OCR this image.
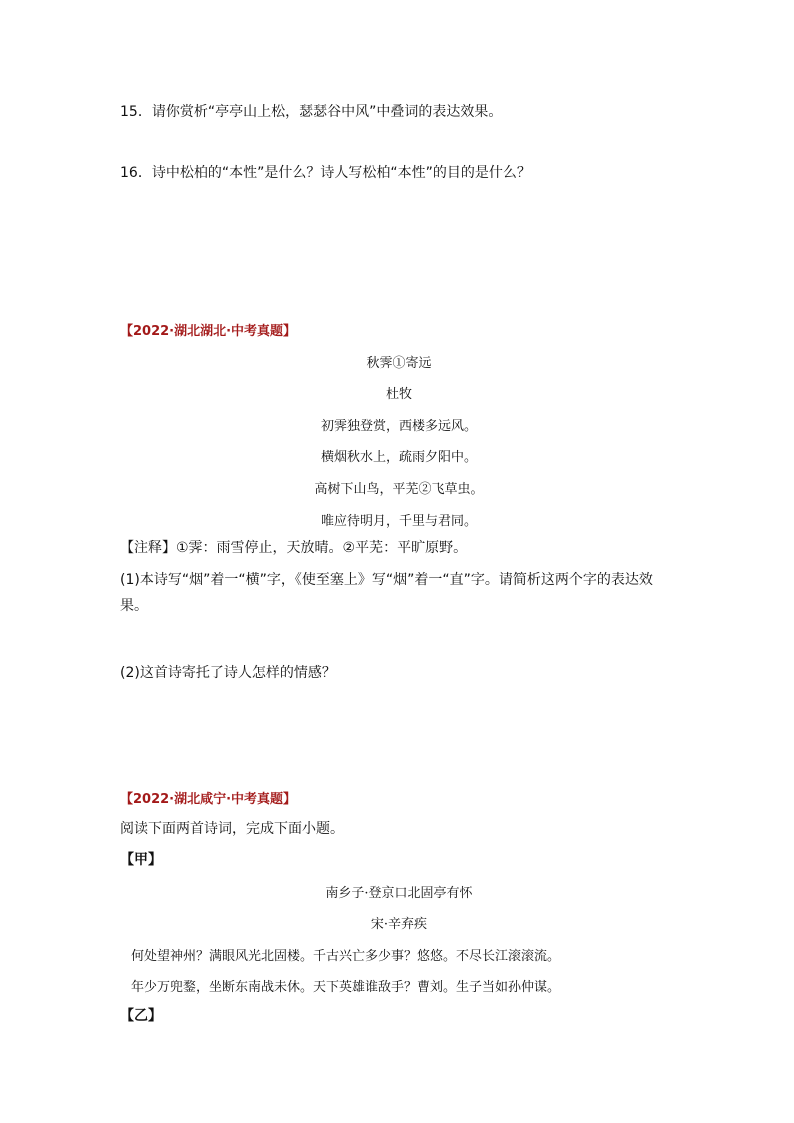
15．请你赏析“亭亭山上松，瑟瑟谷中风”中叠词的表达效果。
16．诗中松柏的“本性”是什么？诗人写松柏“本性”的目的是什么？
【2022·湖北湖北·中考真题】
秋霁①寄远
杜牧
初霁独登赏，西楼多远风。
横烟秋水上，疏雨夕阳中。
高树下山鸟，平芜②飞草虫。
唯应待明月，千里与君同。
【注释】①霁：雨雪停止，天放晴。②平芜：平旷原野。
(1)本诗写“烟”着一“横”字，《使至塞上》写“烟”着一“直”字。请简析这两个字的表达效果。
(2)这首诗寄托了诗人怎样的情感？
【2022·湖北咸宁·中考真题】
阅读下面两首诗词，完成下面小题。
【甲】
南乡子·登京口北固亭有怀
宋·辛弃疾
何处望神州？满眼风光北固楼。千古兴亡多少事？悠悠。不尽长江滚滚流。
年少万兜鍪，坐断东南战未休。天下英雄谁敌手？曹刘。生子当如孙仲谋。
【乙】
